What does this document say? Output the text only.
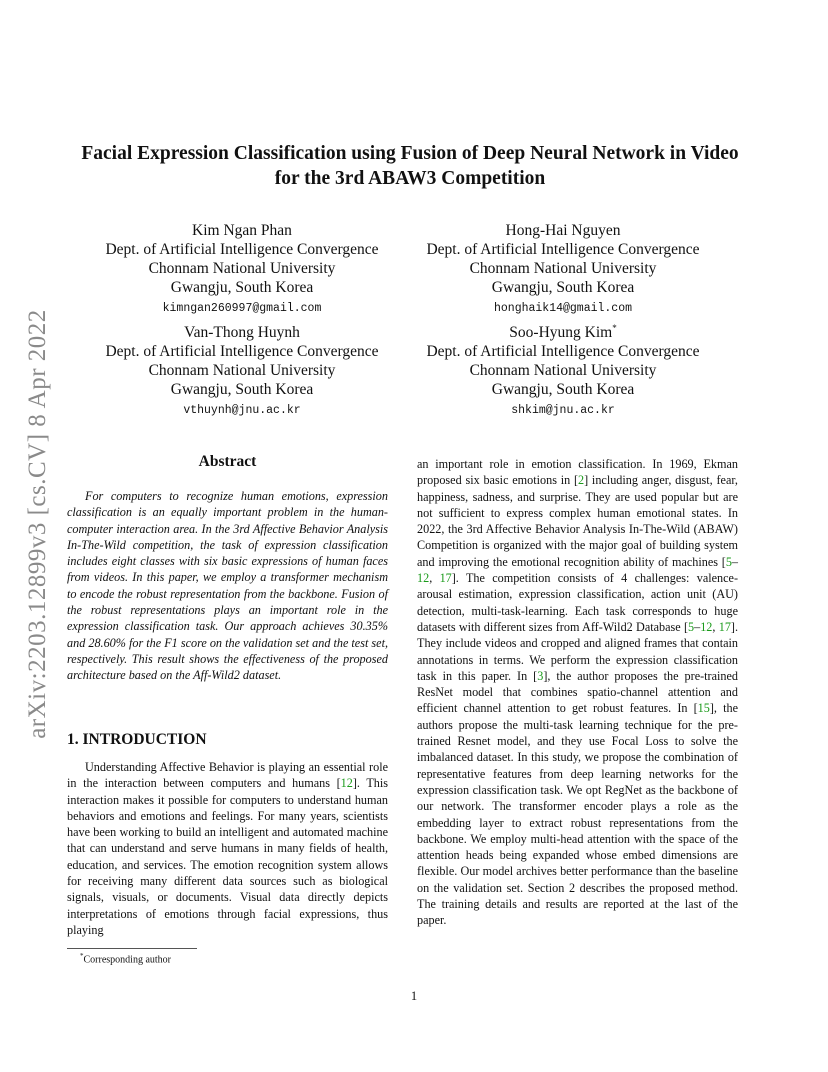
arXiv:2203.12899v3 [cs.CV] 8 Apr 2022
Facial Expression Classification using Fusion of Deep Neural Network in Video
for the 3rd ABAW3 Competition
Kim Ngan Phan
Dept. of Artificial Intelligence Convergence
Chonnam National University
Gwangju, South Korea
kimngan260997@gmail.com
Hong-Hai Nguyen
Dept. of Artificial Intelligence Convergence
Chonnam National University
Gwangju, South Korea
honghaik14@gmail.com
Van-Thong Huynh
Dept. of Artificial Intelligence Convergence
Chonnam National University
Gwangju, South Korea
vthuynh@jnu.ac.kr
Soo-Hyung Kim*
Dept. of Artificial Intelligence Convergence
Chonnam National University
Gwangju, South Korea
shkim@jnu.ac.kr
Abstract
For computers to recognize human emotions, expression classification is an equally important problem in the human-computer interaction area. In the 3rd Affective Behavior Analysis In-The-Wild competition, the task of expression classification includes eight classes with six basic expressions of human faces from videos. In this paper, we employ a transformer mechanism to encode the robust representation from the backbone. Fusion of the robust representations plays an important role in the expression classification task. Our approach achieves 30.35% and 28.60% for the F1 score on the validation set and the test set, respectively. This result shows the effectiveness of the proposed architecture based on the Aff-Wild2 dataset.
1. INTRODUCTION
Understanding Affective Behavior is playing an essential role in the interaction between computers and humans [12]. This interaction makes it possible for computers to understand human behaviors and emotions and feelings. For many years, scientists have been working to build an intelligent and automated machine that can understand and serve humans in many fields of health, education, and services. The emotion recognition system allows for receiving many different data sources such as biological signals, visuals, or documents. Visual data directly depicts interpretations of emotions through facial expressions, thus playing
an important role in emotion classification. In 1969, Ekman proposed six basic emotions in [2] including anger, disgust, fear, happiness, sadness, and surprise. They are used popular but are not sufficient to express complex human emotional states. In 2022, the 3rd Affective Behavior Analysis In-The-Wild (ABAW) Competition is organized with the major goal of building system and improving the emotional recognition ability of machines [5–12, 17]. The competition consists of 4 challenges: valence-arousal estimation, expression classification, action unit (AU) detection, multi-task-learning. Each task corresponds to huge datasets with different sizes from Aff-Wild2 Database [5–12, 17]. They include videos and cropped and aligned frames that contain annotations in terms. We perform the expression classification task in this paper. In [3], the author proposes the pre-trained ResNet model that combines spatio-channel attention and efficient channel attention to get robust features. In [15], the authors propose the multi-task learning technique for the pre-trained Resnet model, and they use Focal Loss to solve the imbalanced dataset. In this study, we propose the combination of representative features from deep learning networks for the expression classification task. We opt RegNet as the backbone of our network. The transformer encoder plays a role as the embedding layer to extract robust representations from the backbone. We employ multi-head attention with the space of the attention heads being expanded whose embed dimensions are flexible. Our model archives better performance than the baseline on the validation set. Section 2 describes the proposed method. The training details and results are reported at the last of the paper.
*Corresponding author
1
